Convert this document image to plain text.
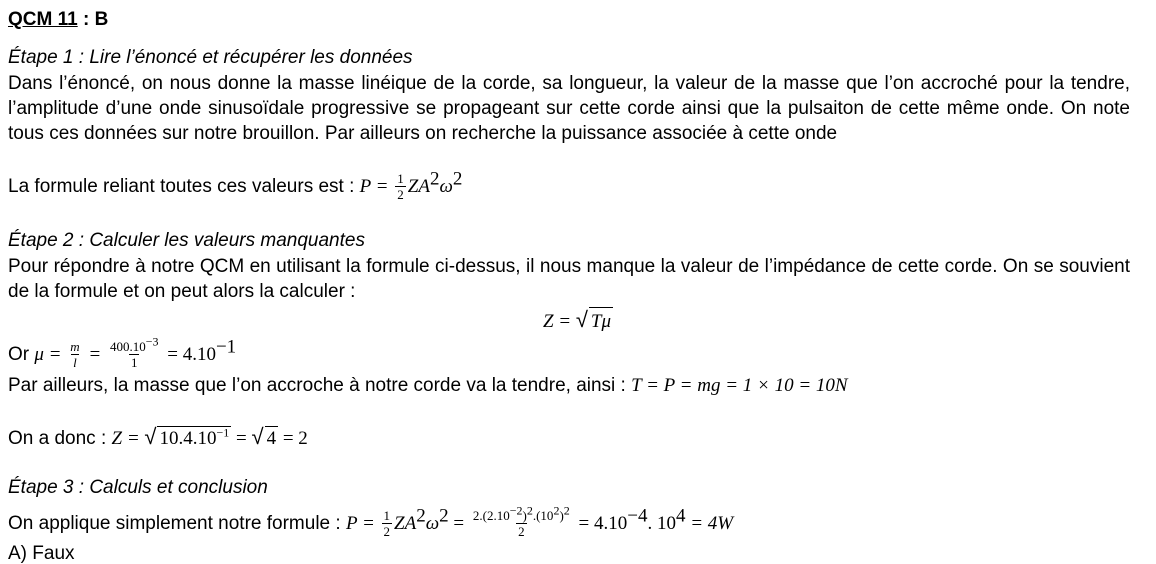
QCM 11 : B
Étape 1 : Lire l’énoncé et récupérer les données
Dans l’énoncé, on nous donne la masse linéique de la corde, sa longueur, la valeur de la masse que l’on accroché pour la tendre, l’amplitude d’une onde sinusoïdale progressive se propageant sur cette corde ainsi que la pulsaiton de cette même onde. On note tous ces données sur notre brouillon. Par ailleurs on recherche la puissance associée à cette onde
La formule reliant toutes ces valeurs est : $P = \frac{1}{2} ZA^2\omega^2$
Étape 2 : Calculer les valeurs manquantes
Pour répondre à notre QCM en utilisant la formule ci-dessus, il nous manque la valeur de l’impédance de cette corde. On se souvient de la formule et on peut alors la calculer :
Z = √ Tμ
Or $\mu = \frac{m}{l} = \frac{400.10^{-3}}{1} = 4.10^{-1}$
Par ailleurs, la masse que l’on accroche à notre corde va la tendre, ainsi : T = P = mg = 1 × 10 = 10N
On a donc : Z = √ $10.4.10^{-1}$ = √ 4 = 2
Étape 3 : Calculs et conclusion
On applique simplement notre formule : $P = \frac{1}{2} ZA^2\omega^2 = \frac{2.(2.10^{-2})^2.(10^2)^2}{2} = 4.10^{-4}$. $10^4 = 4W$
A) Faux
